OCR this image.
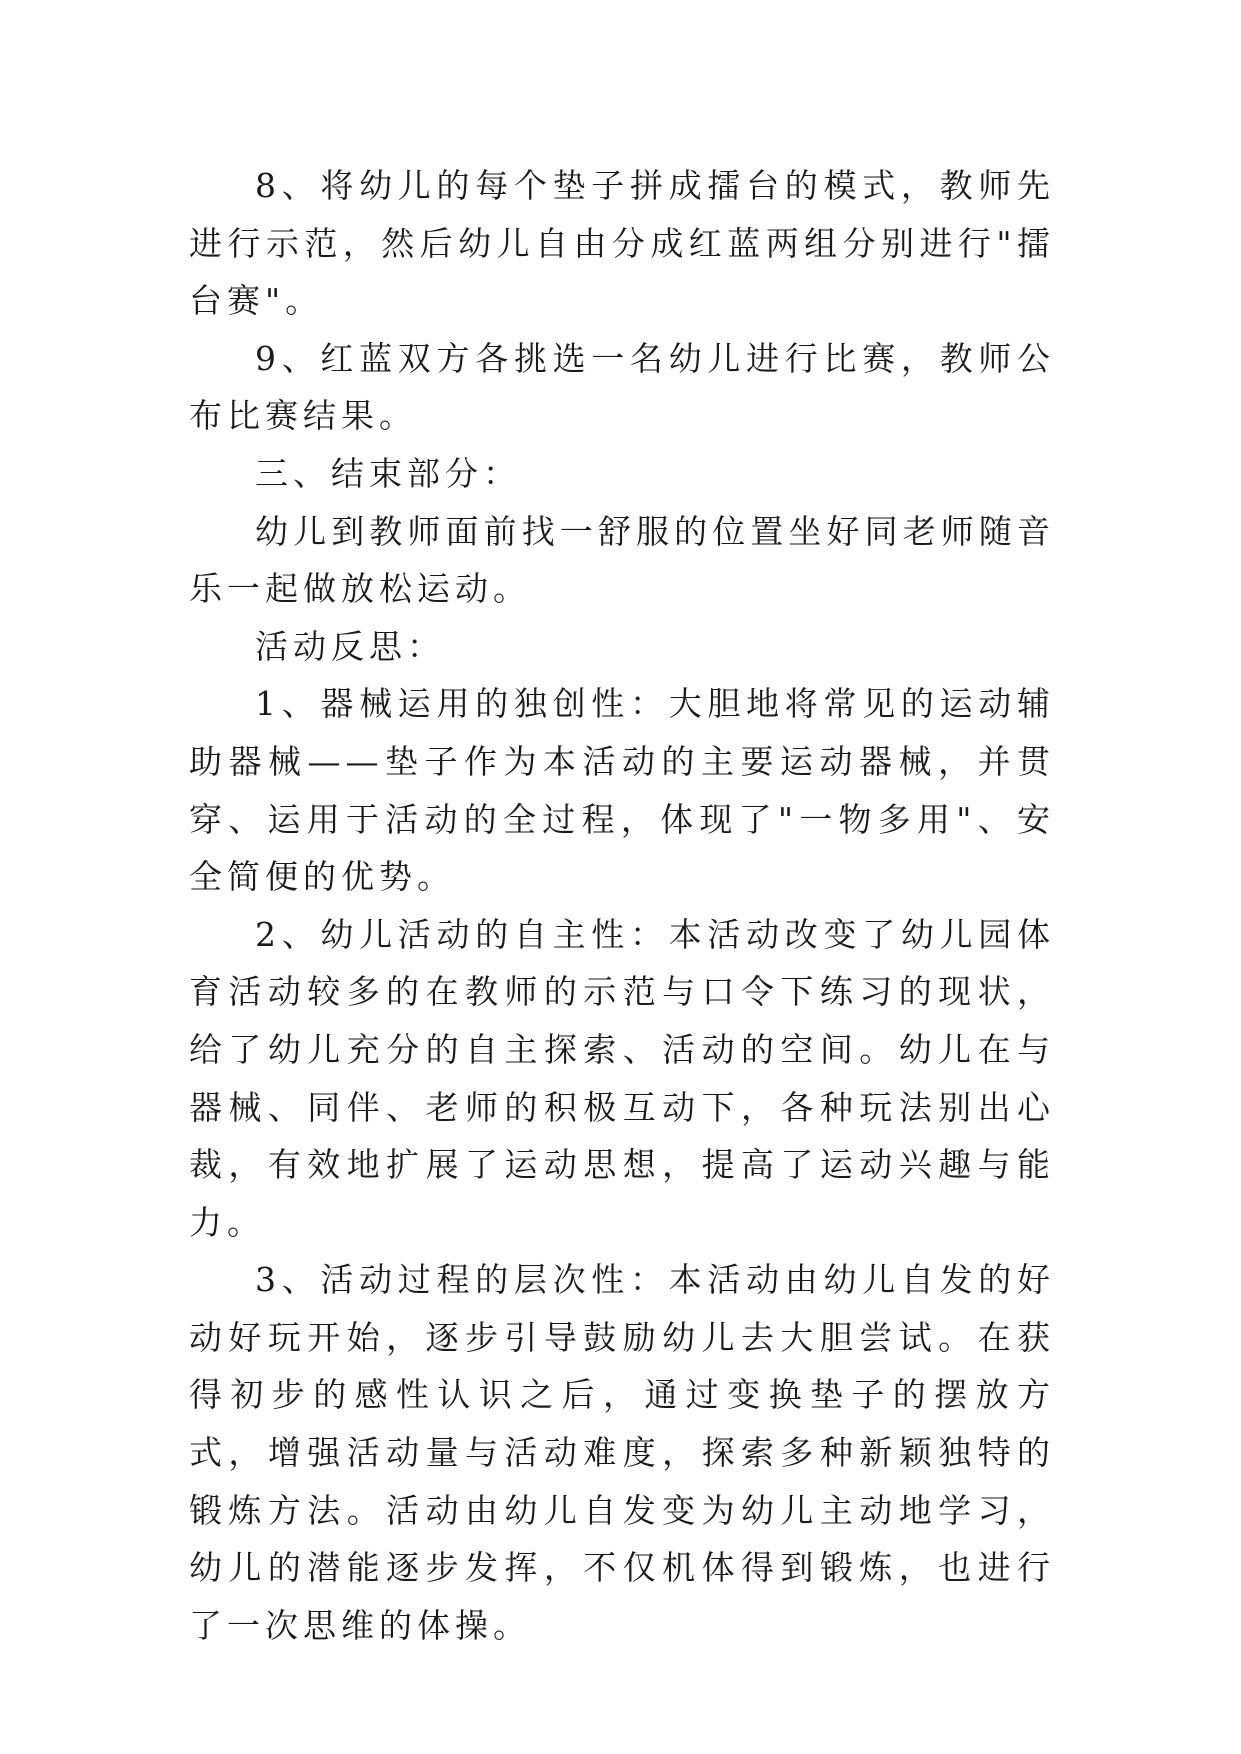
8、将幼儿的每个垫子拼成擂台的模式，教师先进行示范，然后幼儿自由分成红蓝两组分别进行"擂台赛"。

9、红蓝双方各挑选一名幼儿进行比赛，教师公布比赛结果。

三、结束部分：

幼儿到教师面前找一舒服的位置坐好同老师随音乐一起做放松运动。

活动反思：

1、器械运用的独创性：大胆地将常见的运动辅助器械——垫子作为本活动的主要运动器械，并贯穿、运用于活动的全过程，体现了"一物多用"、安全简便的优势。

2、幼儿活动的自主性：本活动改变了幼儿园体育活动较多的在教师的示范与口令下练习的现状，给了幼儿充分的自主探索、活动的空间。幼儿在与器械、同伴、老师的积极互动下，各种玩法别出心裁，有效地扩展了运动思想，提高了运动兴趣与能力。

3、活动过程的层次性：本活动由幼儿自发的好动好玩开始，逐步引导鼓励幼儿去大胆尝试。在获得初步的感性认识之后，通过变换垫子的摆放方式，增强活动量与活动难度，探索多种新颖独特的锻炼方法。活动由幼儿自发变为幼儿主动地学习，幼儿的潜能逐步发挥，不仅机体得到锻炼，也进行了一次思维的体操。
